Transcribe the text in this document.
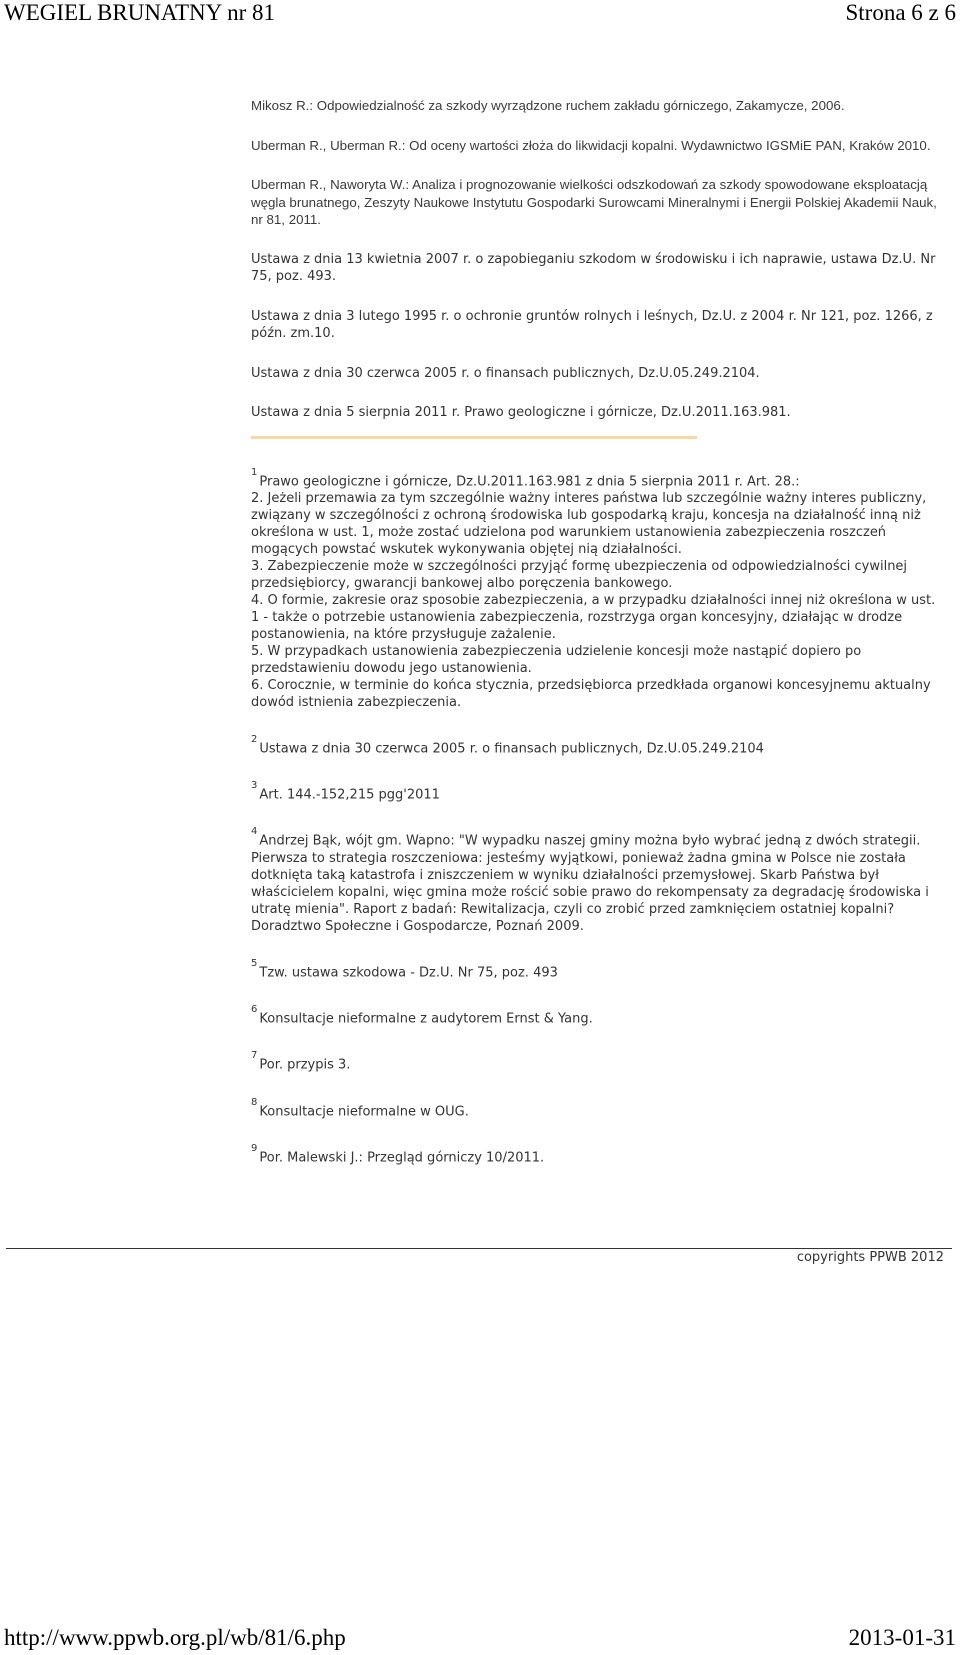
WEGIEL BRUNATNY nr 81	Strona 6 z 6

Mikosz R.: Odpowiedzialność za szkody wyrządzone ruchem zakładu górniczego, Zakamycze, 2006.

Uberman R., Uberman R.: Od oceny wartości złoża do likwidacji kopalni. Wydawnictwo IGSMiE PAN, Kraków 2010.

Uberman R., Naworyta W.: Analiza i prognozowanie wielkości odszkodowań za szkody spowodowane eksploatacją węgla brunatnego, Zeszyty Naukowe Instytutu Gospodarki Surowcami Mineralnymi i Energii Polskiej Akademii Nauk, nr 81, 2011.

Ustawa z dnia 13 kwietnia 2007 r. o zapobieganiu szkodom w środowisku i ich naprawie, ustawa Dz.U. Nr 75, poz. 493.

Ustawa z dnia 3 lutego 1995 r. o ochronie gruntów rolnych i leśnych, Dz.U. z 2004 r. Nr 121, poz. 1266, z późn. zm.10.

Ustawa z dnia 30 czerwca 2005 r. o finansach publicznych, Dz.U.05.249.2104.

Ustawa z dnia 5 sierpnia 2011 r. Prawo geologiczne i górnicze, Dz.U.2011.163.981.

$^1$Prawo geologiczne i górnicze, Dz.U.2011.163.981 z dnia 5 sierpnia 2011 r. Art. 28.:

2. Jeżeli przemawia za tym szczególnie ważny interes państwa lub szczególnie ważny interes publiczny, związany w szczególności z ochroną środowiska lub gospodarką kraju, koncesja na działalność inną niż określona w ust. 1, może zostać udzielona pod warunkiem ustanowienia zabezpieczenia roszczeń mogących powstać wskutek wykonywania objętej nią działalności.

3. Zabezpieczenie może w szczególności przyjąć formę ubezpieczenia od odpowiedzialności cywilnej przedsiębiorcy, gwarancji bankowej albo poręczenia bankowego.

4. O formie, zakresie oraz sposobie zabezpieczenia, a w przypadku działalności innej niż określona w ust. 1 - także o potrzebie ustanowienia zabezpieczenia, rozstrzyga organ koncesyjny, działając w drodze postanowienia, na które przysługuje zażalenie.

5. W przypadkach ustanowienia zabezpieczenia udzielenie koncesji może nastąpić dopiero po przedstawieniu dowodu jego ustanowienia.

6. Corocznie, w terminie do końca stycznia, przedsiębiorca przedkłada organowi koncesyjnemu aktualny dowód istnienia zabezpieczenia.

$^2$Ustawa z dnia 30 czerwca 2005 r. o finansach publicznych, Dz.U.05.249.2104

$^3$Art. 144.-152,215 pgg'2011

$^4$Andrzej Bąk, wójt gm. Wapno: "W wypadku naszej gminy można było wybrać jedną z dwóch strategii. Pierwsza to strategia roszczeniowa: jesteśmy wyjątkowi, ponieważ żadna gmina w Polsce nie została dotknięta taką katastrofa i zniszczeniem w wyniku działalności przemysłowej. Skarb Państwa był właścicielem kopalni, więc gmina może rościć sobie prawo do rekompensaty za degradację środowiska i utratę mienia". Raport z badań: Rewitalizacja, czyli co zrobić przed zamknięciem ostatniej kopalni? Doradztwo Społeczne i Gospodarcze, Poznań 2009.

$^5$Tzw. ustawa szkodowa - Dz.U. Nr 75, poz. 493

$^6$Konsultacje nieformalne z audytorem Ernst & Yang.

$^7$Por. przypis 3.

$^8$Konsultacje nieformalne w OUG.

$^9$Por. Malewski J.: Przegląd górniczy 10/2011.

copyrights PPWB 2012
http://www.ppwb.org.pl/wb/81/6.php	2013-01-31
